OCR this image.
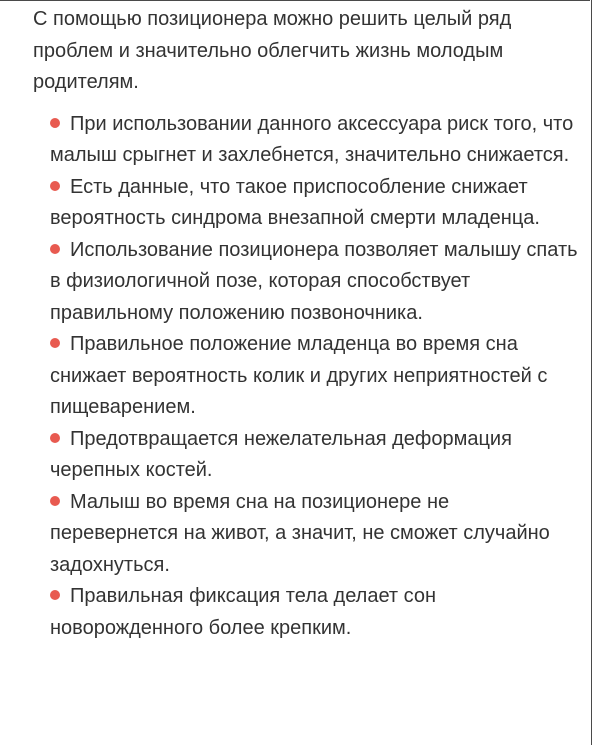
С помощью позиционера можно решить целый ряд проблем и значительно облегчить жизнь молодым родителям.

При использовании данного аксессуара риск того, что малыш срыгнет и захлебнется, значительно снижается.
Есть данные, что такое приспособление снижает вероятность синдрома внезапной смерти младенца.
Использование позиционера позволяет малышу спать в физиологичной позе, которая способствует правильному положению позвоночника.
Правильное положение младенца во время сна снижает вероятность колик и других неприятностей с пищеварением.
Предотвращается нежелательная деформация черепных костей.
Малыш во время сна на позиционере не перевернется на живот, а значит, не сможет случайно задохнуться.
Правильная фиксация тела делает сон новорожденного более крепким.
